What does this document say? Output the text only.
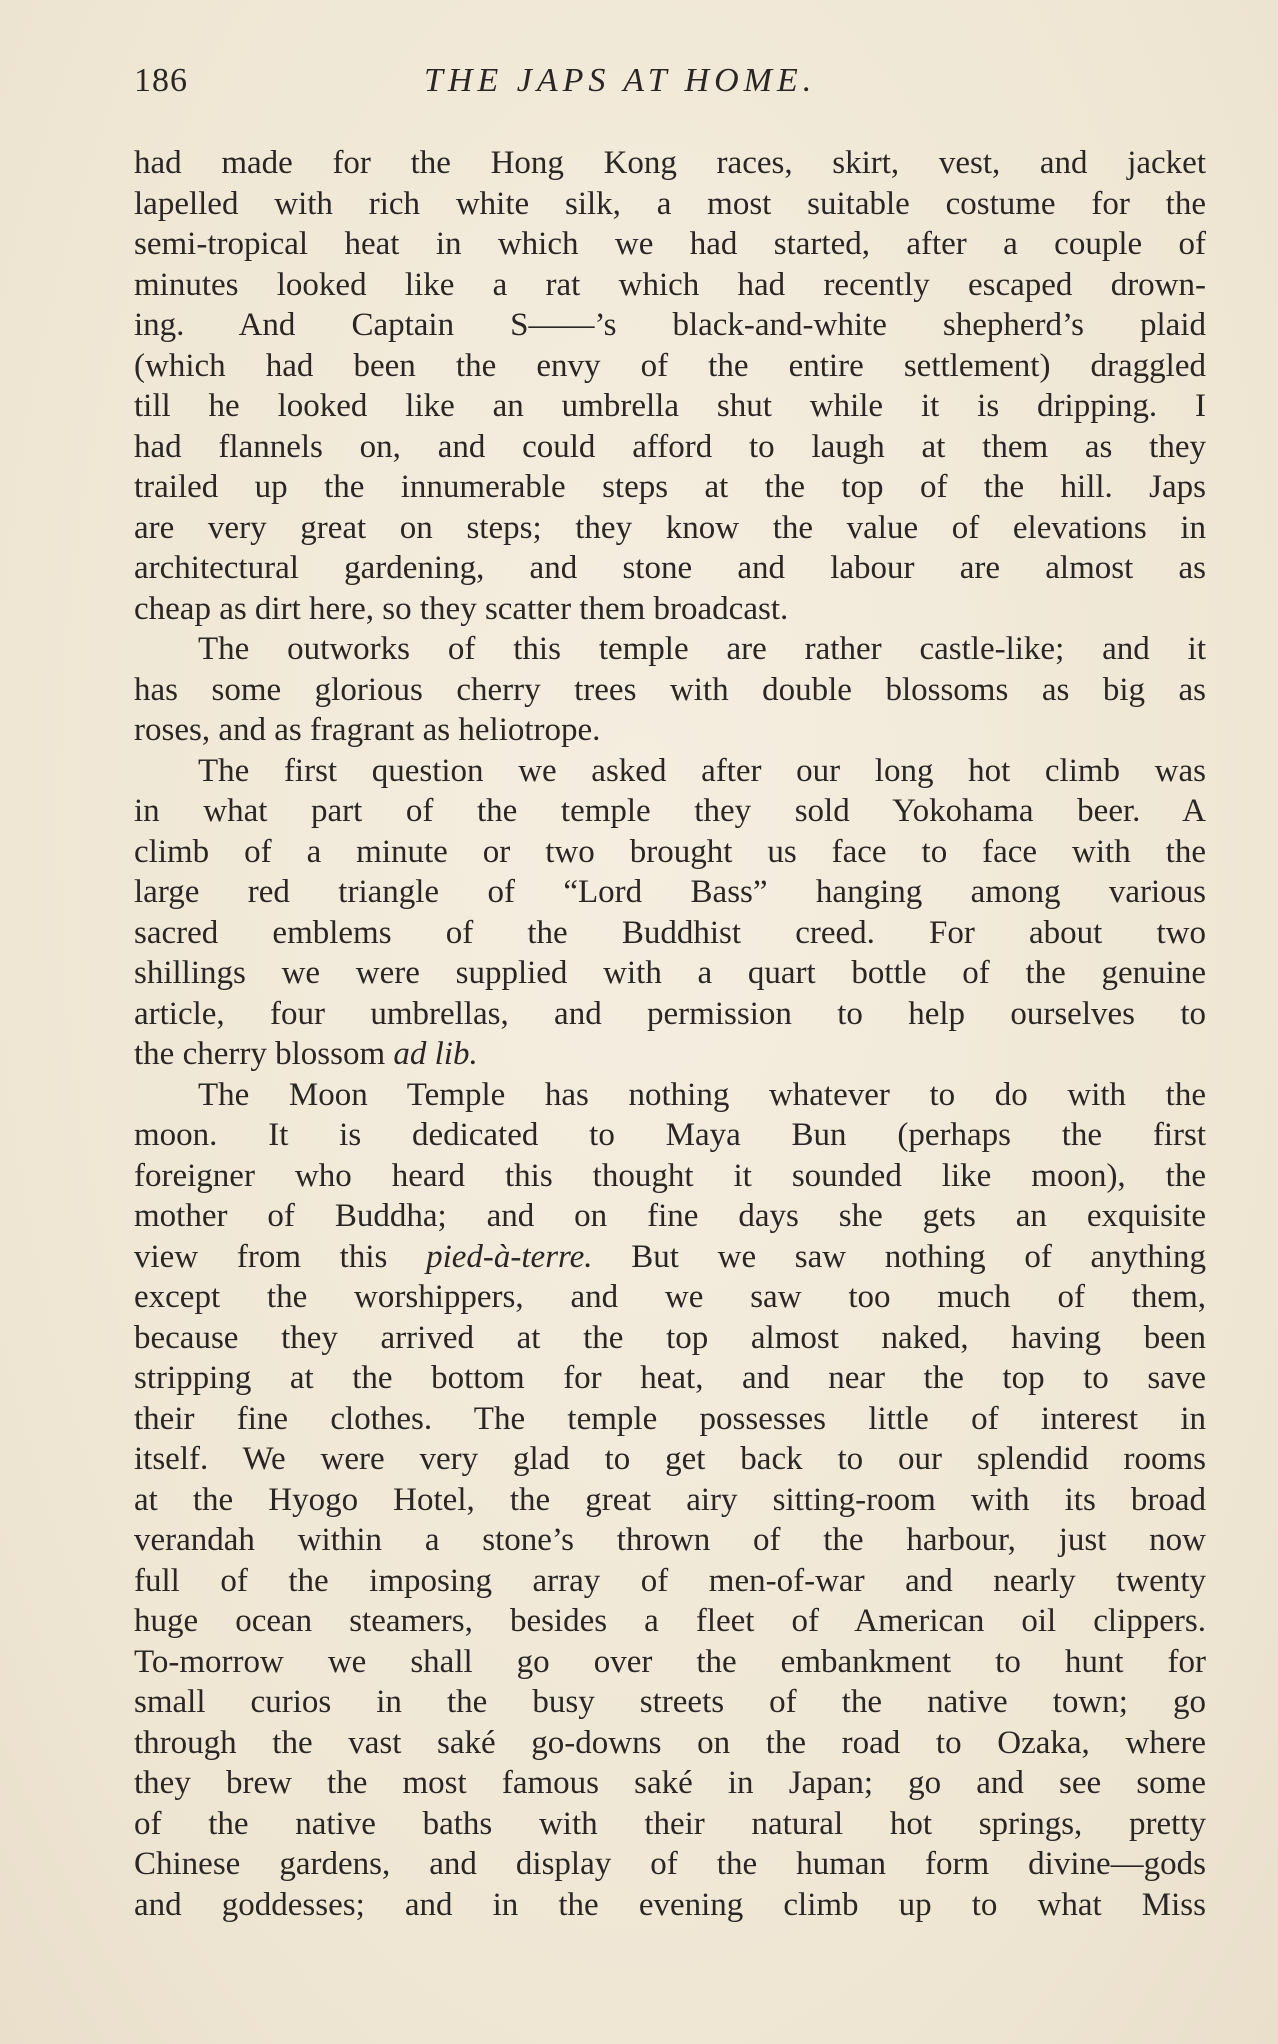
186	THE JAPS AT HOME.
had made for the Hong Kong races, skirt, vest, and jacket
lapelled with rich white silk, a most suitable costume for the
semi-tropical heat in which we had started, after a couple of
minutes looked like a rat which had recently escaped drown-
ing. And Captain S——’s black-and-white shepherd’s plaid
(which had been the envy of the entire settlement) draggled
till he looked like an umbrella shut while it is dripping. I
had flannels on, and could afford to laugh at them as they
trailed up the innumerable steps at the top of the hill. Japs
are very great on steps; they know the value of elevations in
architectural gardening, and stone and labour are almost as
cheap as dirt here, so they scatter them broadcast.
The outworks of this temple are rather castle-like; and it
has some glorious cherry trees with double blossoms as big as
roses, and as fragrant as heliotrope.
The first question we asked after our long hot climb was
in what part of the temple they sold Yokohama beer. A
climb of a minute or two brought us face to face with the
large red triangle of “Lord Bass” hanging among various
sacred emblems of the Buddhist creed. For about two
shillings we were supplied with a quart bottle of the genuine
article, four umbrellas, and permission to help ourselves to
the cherry blossom ad lib.
The Moon Temple has nothing whatever to do with the
moon. It is dedicated to Maya Bun (perhaps the first
foreigner who heard this thought it sounded like moon), the
mother of Buddha; and on fine days she gets an exquisite
view from this pied-à-terre. But we saw nothing of anything
except the worshippers, and we saw too much of them,
because they arrived at the top almost naked, having been
stripping at the bottom for heat, and near the top to save
their fine clothes. The temple possesses little of interest in
itself. We were very glad to get back to our splendid rooms
at the Hyogo Hotel, the great airy sitting-room with its broad
verandah within a stone’s thrown of the harbour, just now
full of the imposing array of men-of-war and nearly twenty
huge ocean steamers, besides a fleet of American oil clippers.
To-morrow we shall go over the embankment to hunt for
small curios in the busy streets of the native town; go
through the vast saké go-downs on the road to Ozaka, where
they brew the most famous saké in Japan; go and see some
of the native baths with their natural hot springs, pretty
Chinese gardens, and display of the human form divine—gods
and goddesses; and in the evening climb up to what Miss
